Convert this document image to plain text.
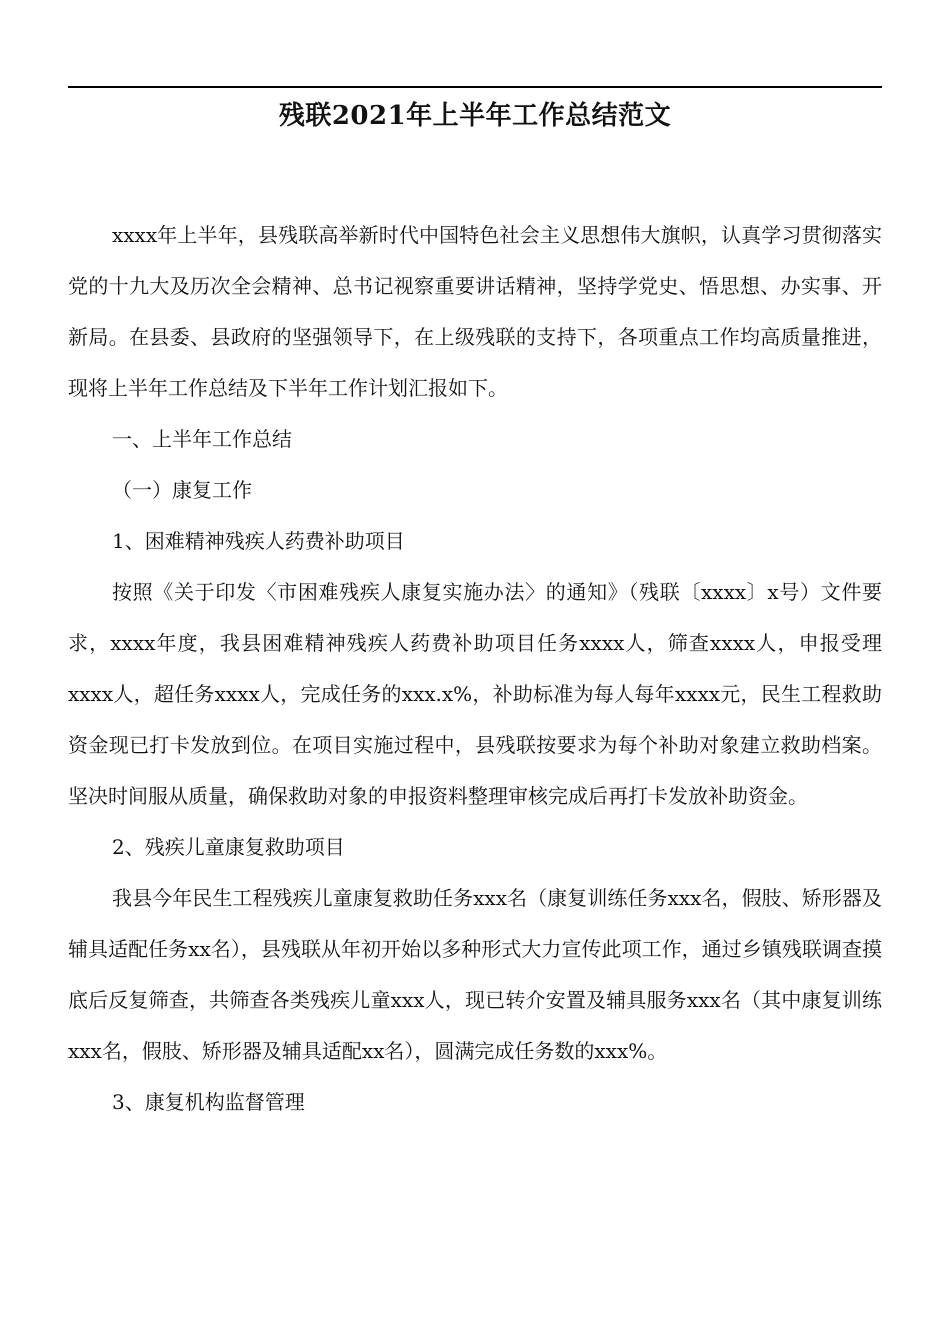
残联2021年上半年工作总结范文

xxxx年上半年，县残联高举新时代中国特色社会主义思想伟大旗帜，认真学习贯彻落实党的十九大及历次全会精神、总书记视察重要讲话精神，坚持学党史、悟思想、办实事、开新局。在县委、县政府的坚强领导下，在上级残联的支持下，各项重点工作均高质量推进，现将上半年工作总结及下半年工作计划汇报如下。

一、上半年工作总结

（一）康复工作

1、困难精神残疾人药费补助项目

按照《关于印发〈市困难残疾人康复实施办法〉的通知》（残联〔xxxx〕x号）文件要求，xxxx年度，我县困难精神残疾人药费补助项目任务xxxx人，筛查xxxx人，申报受理xxxx人，超任务xxxx人，完成任务的xxx.x%，补助标准为每人每年xxxx元，民生工程救助资金现已打卡发放到位。在项目实施过程中，县残联按要求为每个补助对象建立救助档案。坚决时间服从质量，确保救助对象的申报资料整理审核完成后再打卡发放补助资金。

2、残疾儿童康复救助项目

我县今年民生工程残疾儿童康复救助任务xxx名（康复训练任务xxx名，假肢、矫形器及辅具适配任务xx名），县残联从年初开始以多种形式大力宣传此项工作，通过乡镇残联调查摸底后反复筛查，共筛查各类残疾儿童xxx人，现已转介安置及辅具服务xxx名（其中康复训练xxx名，假肢、矫形器及辅具适配xx名），圆满完成任务数的xxx%。

3、康复机构监督管理
